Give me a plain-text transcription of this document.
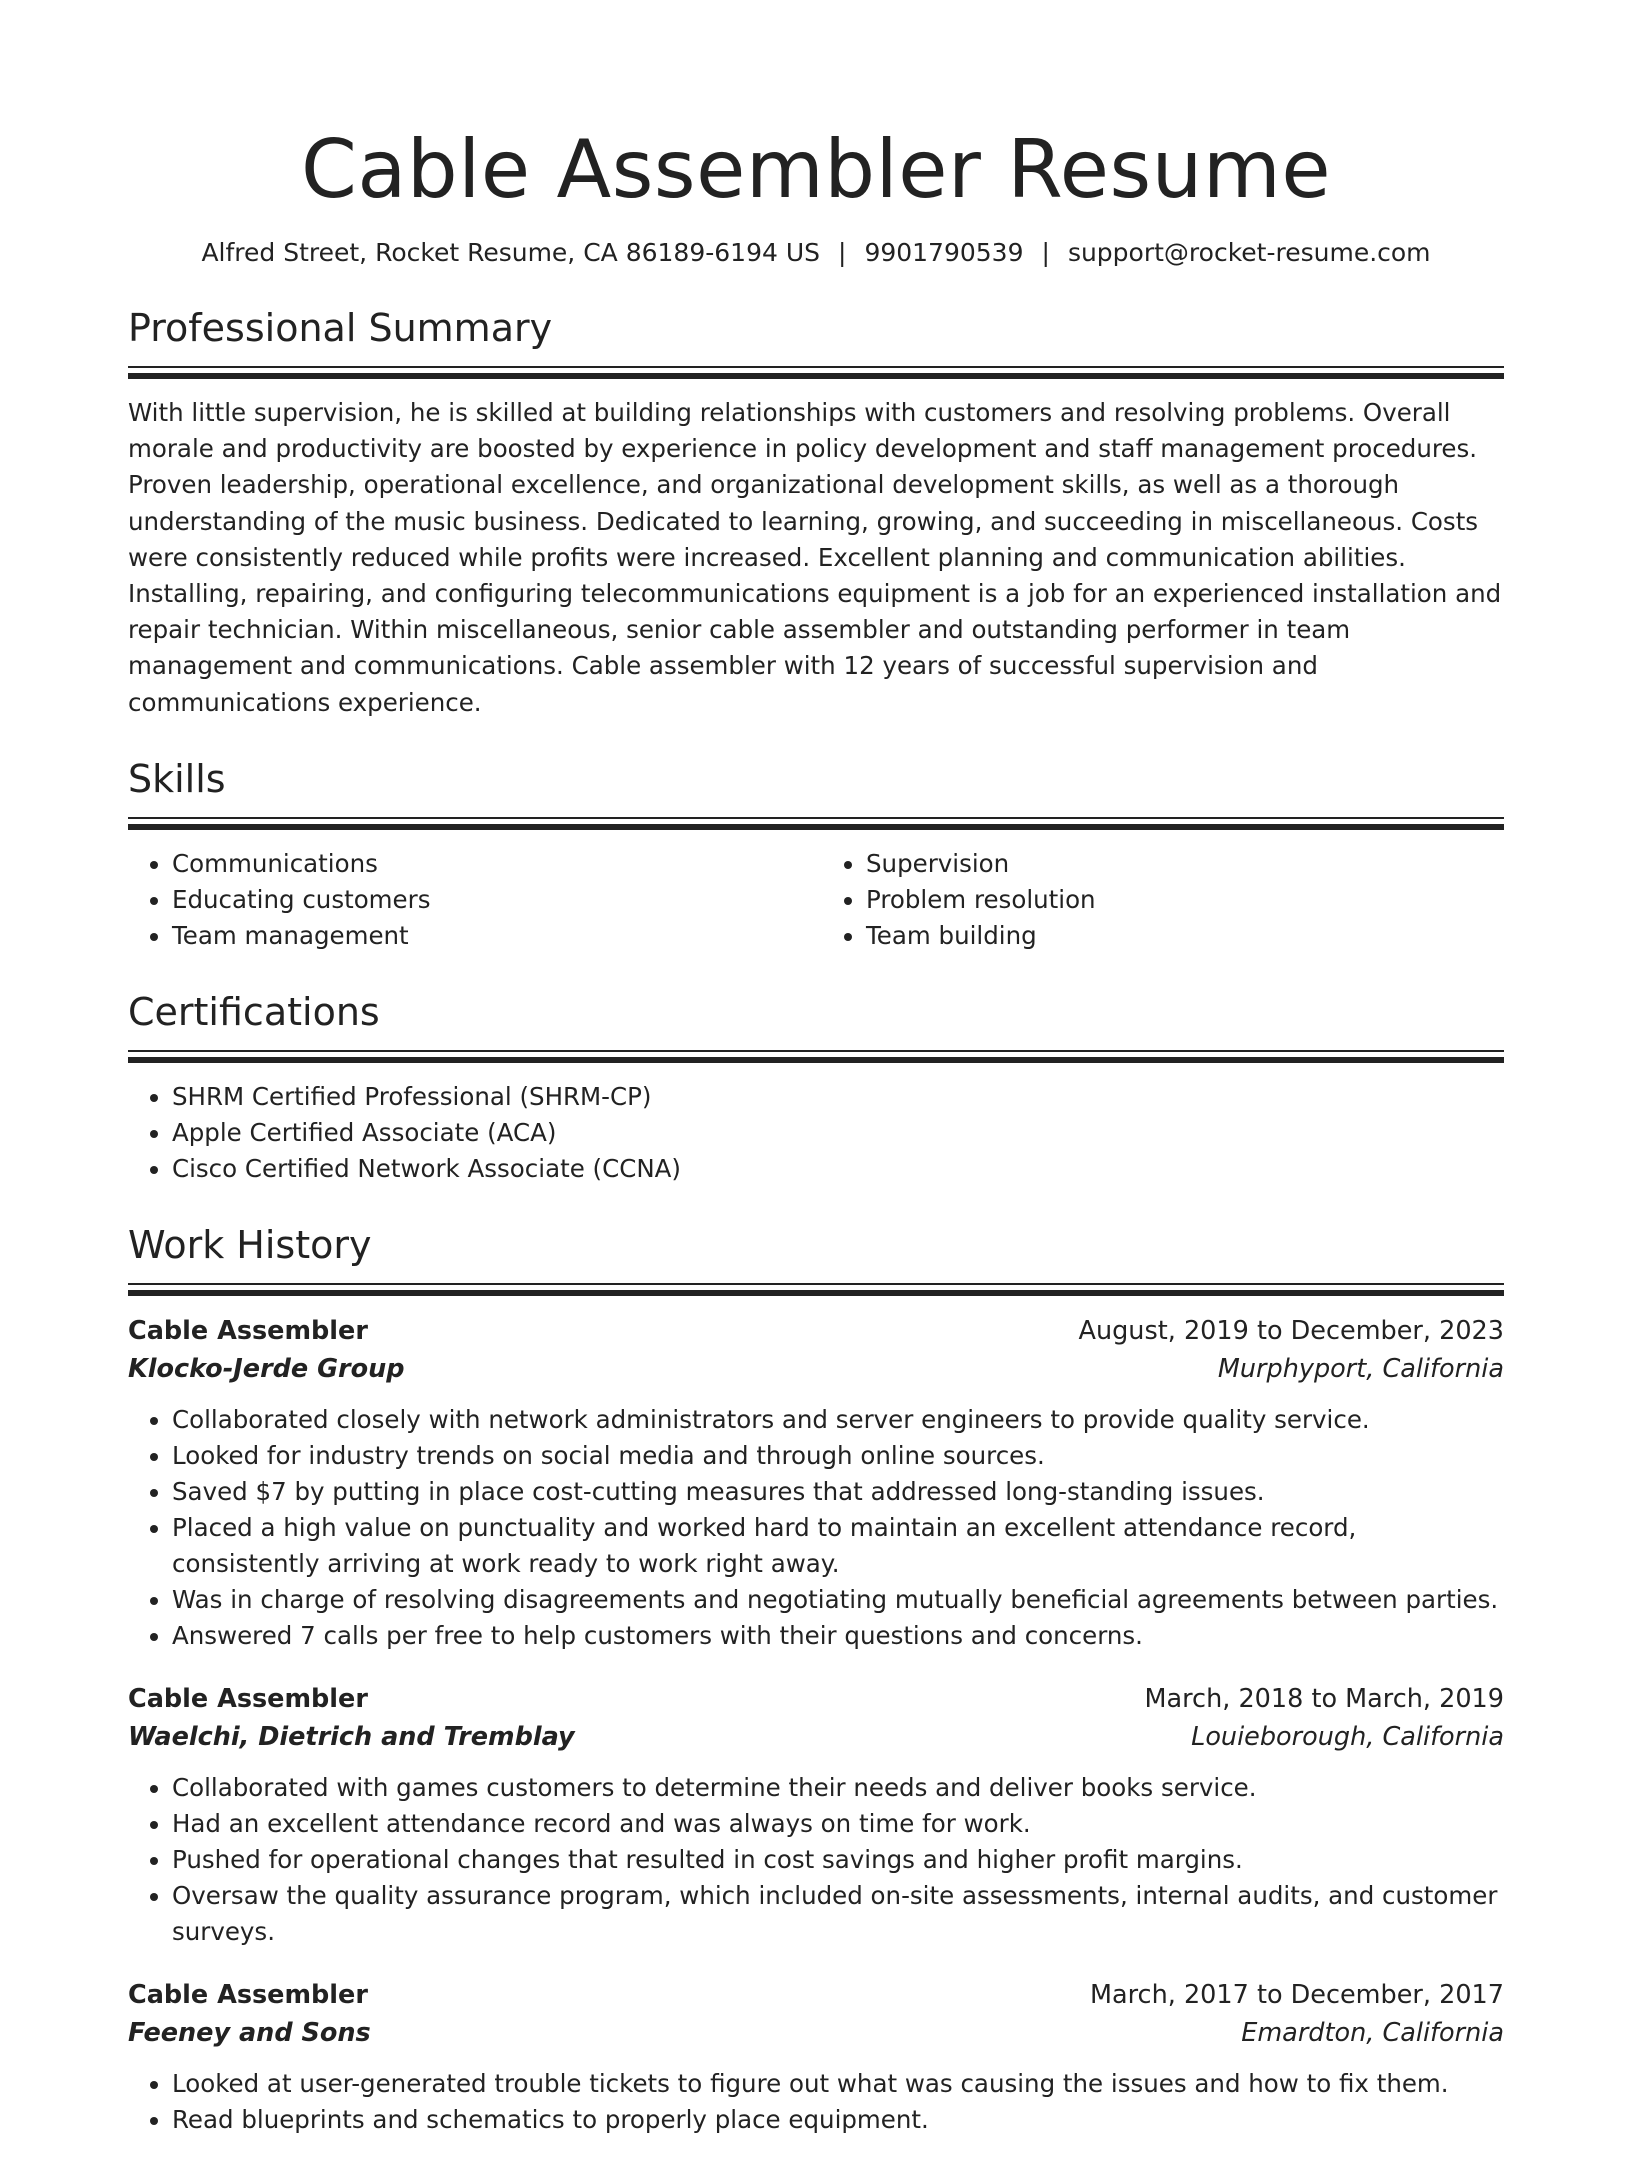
Cable Assembler Resume
Alfred Street, Rocket Resume, CA 86189-6194 US | 9901790539 | support@rocket-resume.com
Professional Summary

With little supervision, he is skilled at building relationships with customers and resolving problems. Overall morale and productivity are boosted by experience in policy development and staff management procedures. Proven leadership, operational excellence, and organizational development skills, as well as a thorough understanding of the music business. Dedicated to learning, growing, and succeeding in miscellaneous. Costs were consistently reduced while profits were increased. Excellent planning and communication abilities. Installing, repairing, and configuring telecommunications equipment is a job for an experienced installation and repair technician. Within miscellaneous, senior cable assembler and outstanding performer in team management and communications. Cable assembler with 12 years of successful supervision and communications experience.

Skills
• Communications
• Educating customers
• Team management
• Supervision
• Problem resolution
• Team building
Certifications
• SHRM Certified Professional (SHRM-CP)
• Apple Certified Associate (ACA)
• Cisco Certified Network Associate (CCNA)
Work History
Cable Assembler	August, 2019 to December, 2023
Klocko-Jerde Group	Murphyport, California
• Collaborated closely with network administrators and server engineers to provide quality service.
• Looked for industry trends on social media and through online sources.
• Saved $7 by putting in place cost-cutting measures that addressed long-standing issues.
• Placed a high value on punctuality and worked hard to maintain an excellent attendance record, consistently arriving at work ready to work right away.
• Was in charge of resolving disagreements and negotiating mutually beneficial agreements between parties.
• Answered 7 calls per free to help customers with their questions and concerns.
Cable Assembler	March, 2018 to March, 2019
Waelchi, Dietrich and Tremblay	Louieborough, California
• Collaborated with games customers to determine their needs and deliver books service.
• Had an excellent attendance record and was always on time for work.
• Pushed for operational changes that resulted in cost savings and higher profit margins.
• Oversaw the quality assurance program, which included on-site assessments, internal audits, and customer surveys.
Cable Assembler	March, 2017 to December, 2017
Feeney and Sons	Emardton, California
• Looked at user-generated trouble tickets to figure out what was causing the issues and how to fix them.
• Read blueprints and schematics to properly place equipment.
